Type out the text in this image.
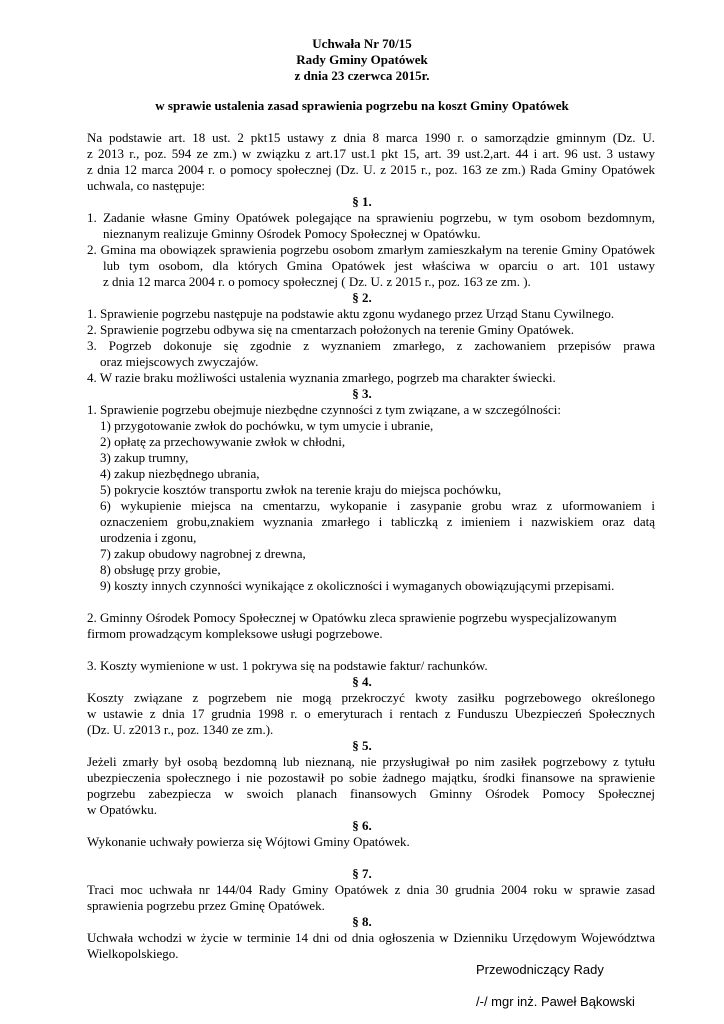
Uchwała Nr 70/15
Rady Gminy Opatówek
z dnia 23 czerwca 2015r.
w sprawie ustalenia zasad sprawienia pogrzebu na koszt Gminy Opatówek
Na podstawie art. 18 ust. 2 pkt15 ustawy z dnia 8 marca 1990 r. o samorządzie gminnym (Dz. U.
z 2013 r., poz. 594 ze zm.) w związku z art.17 ust.1 pkt 15, art. 39 ust.2,art. 44 i art. 96 ust. 3 ustawy
z dnia 12 marca 2004 r. o pomocy społecznej (Dz. U. z 2015 r., poz. 163 ze zm.) Rada Gminy Opatówek
uchwala, co następuje:
§ 1.
1. Zadanie własne Gminy Opatówek polegające na sprawieniu pogrzebu, w tym osobom bezdomnym,
nieznanym realizuje Gminny Ośrodek Pomocy Społecznej w Opatówku.
2. Gmina ma obowiązek sprawienia pogrzebu osobom zmarłym zamieszkałym na terenie Gminy Opatówek
lub tym osobom, dla których Gmina Opatówek jest właściwa w oparciu o art. 101 ustawy
z dnia 12 marca 2004 r. o pomocy społecznej ( Dz. U. z 2015 r., poz. 163 ze zm. ).
§ 2.
1. Sprawienie pogrzebu następuje na podstawie aktu zgonu wydanego przez Urząd Stanu Cywilnego.
2. Sprawienie pogrzebu odbywa się na cmentarzach położonych na terenie Gminy Opatówek.
3. Pogrzeb dokonuje się zgodnie z wyznaniem zmarłego, z zachowaniem przepisów prawa
oraz miejscowych zwyczajów.
4. W razie braku możliwości ustalenia wyznania zmarłego, pogrzeb ma charakter świecki.
§ 3.
1. Sprawienie pogrzebu obejmuje niezbędne czynności z tym związane, a w szczególności:
1) przygotowanie zwłok do pochówku, w tym umycie i ubranie,
2) opłatę za przechowywanie zwłok w chłodni,
3) zakup trumny,
4) zakup niezbędnego ubrania,
5) pokrycie kosztów transportu zwłok na terenie kraju do miejsca pochówku,
6) wykupienie miejsca na cmentarzu, wykopanie i zasypanie grobu wraz z uformowaniem i
oznaczeniem grobu,znakiem wyznania zmarłego i tabliczką z imieniem i nazwiskiem oraz datą
urodzenia i zgonu,
7) zakup obudowy nagrobnej z drewna,
8) obsługę przy grobie,
9) koszty innych czynności wynikające z okoliczności i wymaganych obowiązującymi przepisami.
2. Gminny Ośrodek Pomocy Społecznej w Opatówku zleca sprawienie pogrzebu wyspecjalizowanym
firmom prowadzącym kompleksowe usługi pogrzebowe.
3. Koszty wymienione w ust. 1 pokrywa się na podstawie faktur/ rachunków.
§ 4.
Koszty związane z pogrzebem nie mogą przekroczyć kwoty zasiłku pogrzebowego określonego
w ustawie z dnia 17 grudnia 1998 r. o emeryturach i rentach z Funduszu Ubezpieczeń Społecznych
(Dz. U. z2013 r., poz. 1340 ze zm.).
§ 5.
Jeżeli zmarły był osobą bezdomną lub nieznaną, nie przysługiwał po nim zasiłek pogrzebowy z tytułu
ubezpieczenia społecznego i nie pozostawił po sobie żadnego majątku, środki finansowe na sprawienie
pogrzebu zabezpiecza w swoich planach finansowych Gminny Ośrodek Pomocy Społecznej
w Opatówku.
§ 6.
Wykonanie uchwały powierza się Wójtowi Gminy Opatówek.
§ 7.
Traci moc uchwała nr 144/04 Rady Gminy Opatówek z dnia 30 grudnia 2004 roku w sprawie zasad
sprawienia pogrzebu przez Gminę Opatówek.
§ 8.
Uchwała wchodzi w życie w terminie 14 dni od dnia ogłoszenia w Dzienniku Urzędowym Województwa
Wielkopolskiego.
Przewodniczący Rady
/-/ mgr inż. Paweł Bąkowski
